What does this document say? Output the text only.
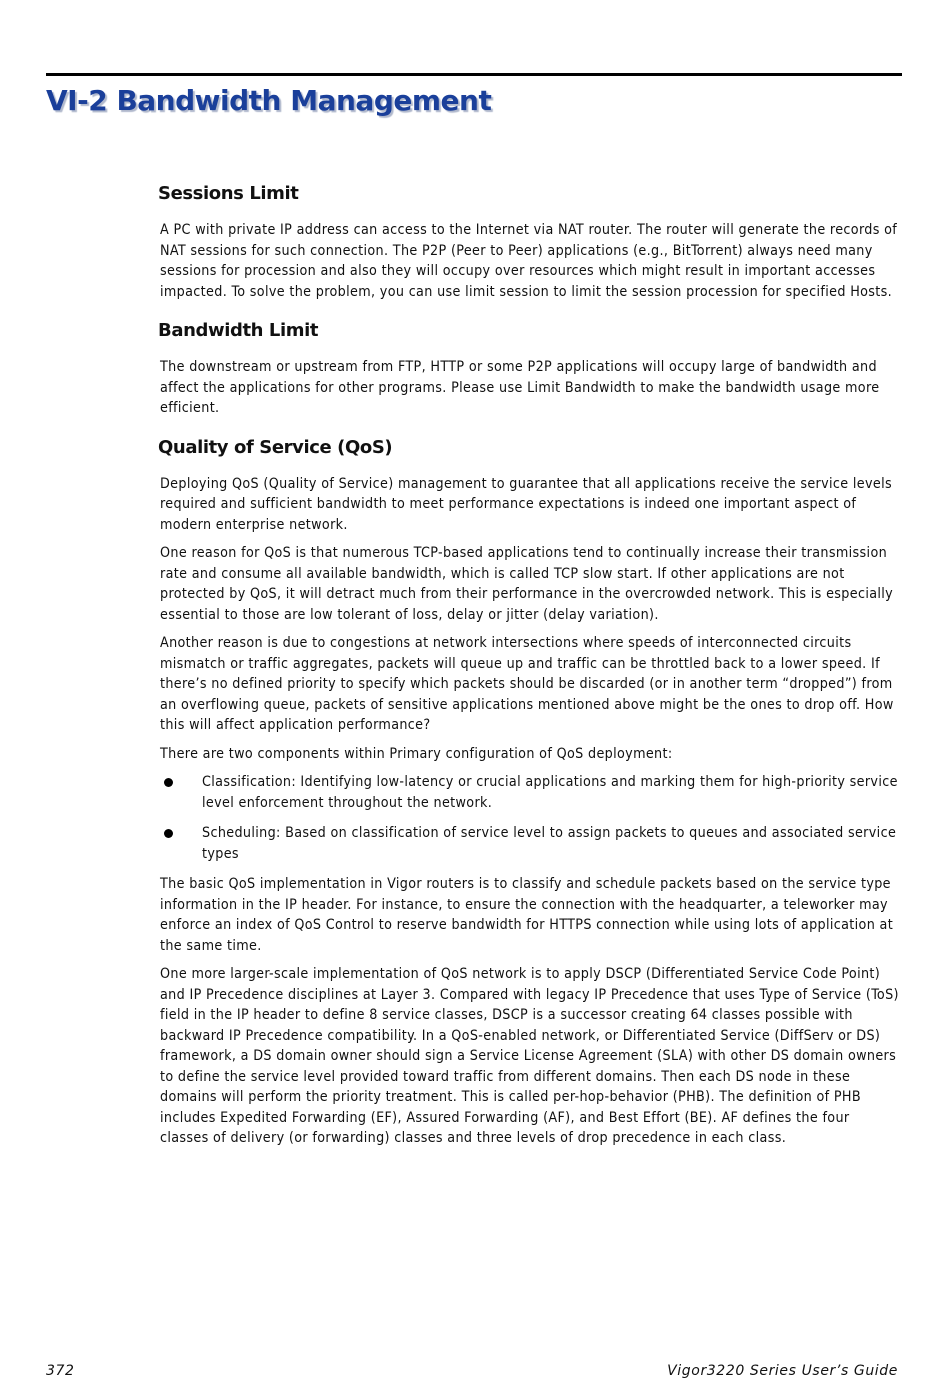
VI-2 Bandwidth Management
Sessions Limit

A PC with private IP address can access to the Internet via NAT router. The router will generate the records of NAT sessions for such connection. The P2P (Peer to Peer) applications (e.g., BitTorrent) always need many sessions for procession and also they will occupy over resources which might result in important accesses impacted. To solve the problem, you can use limit session to limit the session procession for specified Hosts.

Bandwidth Limit

The downstream or upstream from FTP, HTTP or some P2P applications will occupy large of bandwidth and affect the applications for other programs. Please use Limit Bandwidth to make the bandwidth usage more efficient.

Quality of Service (QoS)

Deploying QoS (Quality of Service) management to guarantee that all applications receive the service levels required and sufficient bandwidth to meet performance expectations is indeed one important aspect of modern enterprise network.

One reason for QoS is that numerous TCP-based applications tend to continually increase their transmission rate and consume all available bandwidth, which is called TCP slow start. If other applications are not protected by QoS, it will detract much from their performance in the overcrowded network. This is especially essential to those are low tolerant of loss, delay or jitter (delay variation).

Another reason is due to congestions at network intersections where speeds of interconnected circuits mismatch or traffic aggregates, packets will queue up and traffic can be throttled back to a lower speed. If there’s no defined priority to specify which packets should be discarded (or in another term “dropped”) from an overflowing queue, packets of sensitive applications mentioned above might be the ones to drop off. How this will affect application performance?

There are two components within Primary configuration of QoS deployment:

Classification: Identifying low-latency or crucial applications and marking them for high-priority service level enforcement throughout the network.
Scheduling: Based on classification of service level to assign packets to queues and associated service types

The basic QoS implementation in Vigor routers is to classify and schedule packets based on the service type information in the IP header. For instance, to ensure the connection with the headquarter, a teleworker may enforce an index of QoS Control to reserve bandwidth for HTTPS connection while using lots of application at the same time.

One more larger-scale implementation of QoS network is to apply DSCP (Differentiated Service Code Point) and IP Precedence disciplines at Layer 3. Compared with legacy IP Precedence that uses Type of Service (ToS) field in the IP header to define 8 service classes, DSCP is a successor creating 64 classes possible with backward IP Precedence compatibility. In a QoS-enabled network, or Differentiated Service (DiffServ or DS) framework, a DS domain owner should sign a Service License Agreement (SLA) with other DS domain owners to define the service level provided toward traffic from different domains. Then each DS node in these domains will perform the priority treatment. This is called per-hop-behavior (PHB). The definition of PHB includes Expedited Forwarding (EF), Assured Forwarding (AF), and Best Effort (BE). AF defines the four classes of delivery (or forwarding) classes and three levels of drop precedence in each class.

372	Vigor3220 Series User’s Guide
